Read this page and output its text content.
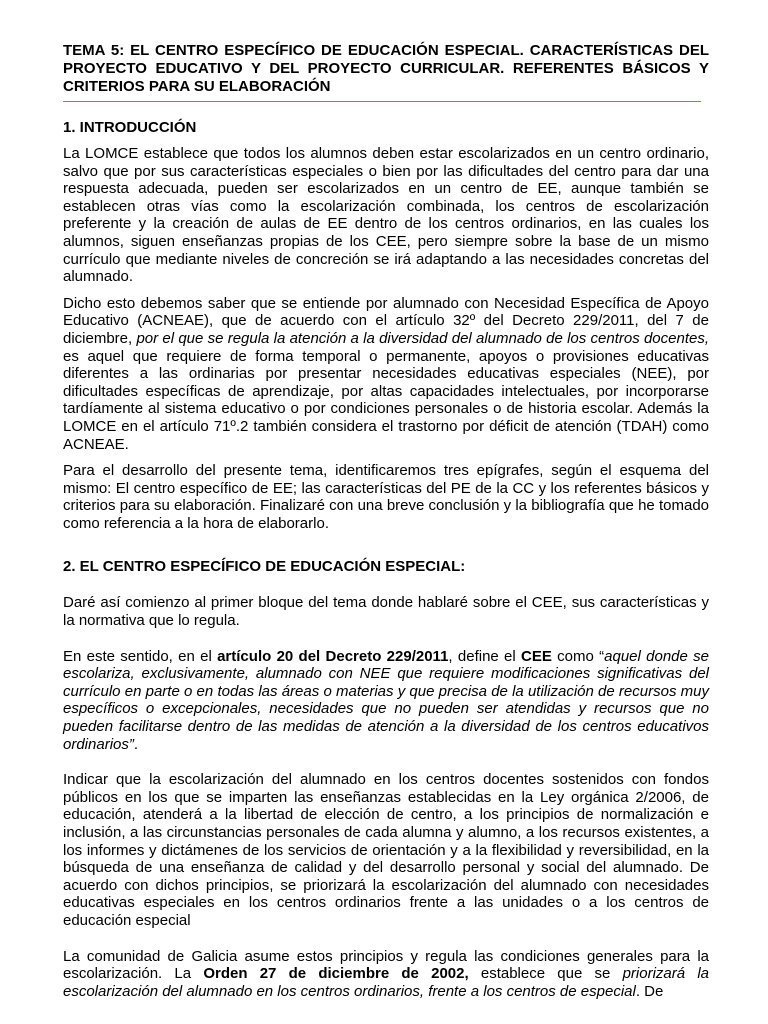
TEMA 5: EL CENTRO ESPECÍFICO DE EDUCACIÓN ESPECIAL. CARACTERÍSTICAS DEL PROYECTO EDUCATIVO Y DEL PROYECTO CURRICULAR. REFERENTES BÁSICOS Y CRITERIOS PARA SU ELABORACIÓN
1. INTRODUCCIÓN

La LOMCE establece que todos los alumnos deben estar escolarizados en un centro ordinario, salvo que por sus características especiales o bien por las dificultades del centro para dar una respuesta adecuada, pueden ser escolarizados en un centro de EE, aunque también se establecen otras vías como la escolarización combinada, los centros de escolarización preferente y la creación de aulas de EE dentro de los centros ordinarios, en las cuales los alumnos, siguen enseñanzas propias de los CEE, pero siempre sobre la base de un mismo currículo que mediante niveles de concreción se irá adaptando a las necesidades concretas del alumnado.

Dicho esto debemos saber que se entiende por alumnado con Necesidad Específica de Apoyo Educativo (ACNEAE), que de acuerdo con el artículo 32º del Decreto 229/2011, del 7 de diciembre, por el que se regula la atención a la diversidad del alumnado de los centros docentes, es aquel que requiere de forma temporal o permanente, apoyos o provisiones educativas diferentes a las ordinarias por presentar necesidades educativas especiales (NEE), por dificultades específicas de aprendizaje, por altas capacidades intelectuales, por incorporarse tardíamente al sistema educativo o por condiciones personales o de historia escolar. Además la LOMCE en el artículo 71º.2 también considera el trastorno por déficit de atención (TDAH) como ACNEAE.

Para el desarrollo del presente tema, identificaremos tres epígrafes, según el esquema del mismo: El centro específico de EE; las características del PE de la CC y los referentes básicos y criterios para su elaboración. Finalizaré con una breve conclusión y la bibliografía que he tomado como referencia a la hora de elaborarlo.

2. EL CENTRO ESPECÍFICO DE EDUCACIÓN ESPECIAL:

Daré así comienzo al primer bloque del tema donde hablaré sobre el CEE, sus características y la normativa que lo regula.

En este sentido, en el artículo 20 del Decreto 229/2011, define el CEE como “aquel donde se escolariza, exclusivamente, alumnado con NEE que requiere modificaciones significativas del currículo en parte o en todas las áreas o materias y que precisa de la utilización de recursos muy específicos o excepcionales, necesidades que no pueden ser atendidas y recursos que no pueden facilitarse dentro de las medidas de atención a la diversidad de los centros educativos ordinarios”.

Indicar que la escolarización del alumnado en los centros docentes sostenidos con fondos públicos en los que se imparten las enseñanzas establecidas en la Ley orgánica 2/2006, de educación, atenderá a la libertad de elección de centro, a los principios de normalización e inclusión, a las circunstancias personales de cada alumna y alumno, a los recursos existentes, a los informes y dictámenes de los servicios de orientación y a la flexibilidad y reversibilidad, en la búsqueda de una enseñanza de calidad y del desarrollo personal y social del alumnado. De acuerdo con dichos principios, se priorizará la escolarización del alumnado con necesidades educativas especiales en los centros ordinarios frente a las unidades o a los centros de educación especial

La comunidad de Galicia asume estos principios y regula las condiciones generales para la escolarización. La Orden 27 de diciembre de 2002, establece que se priorizará la escolarización del alumnado en los centros ordinarios, frente a los centros de especial. De
